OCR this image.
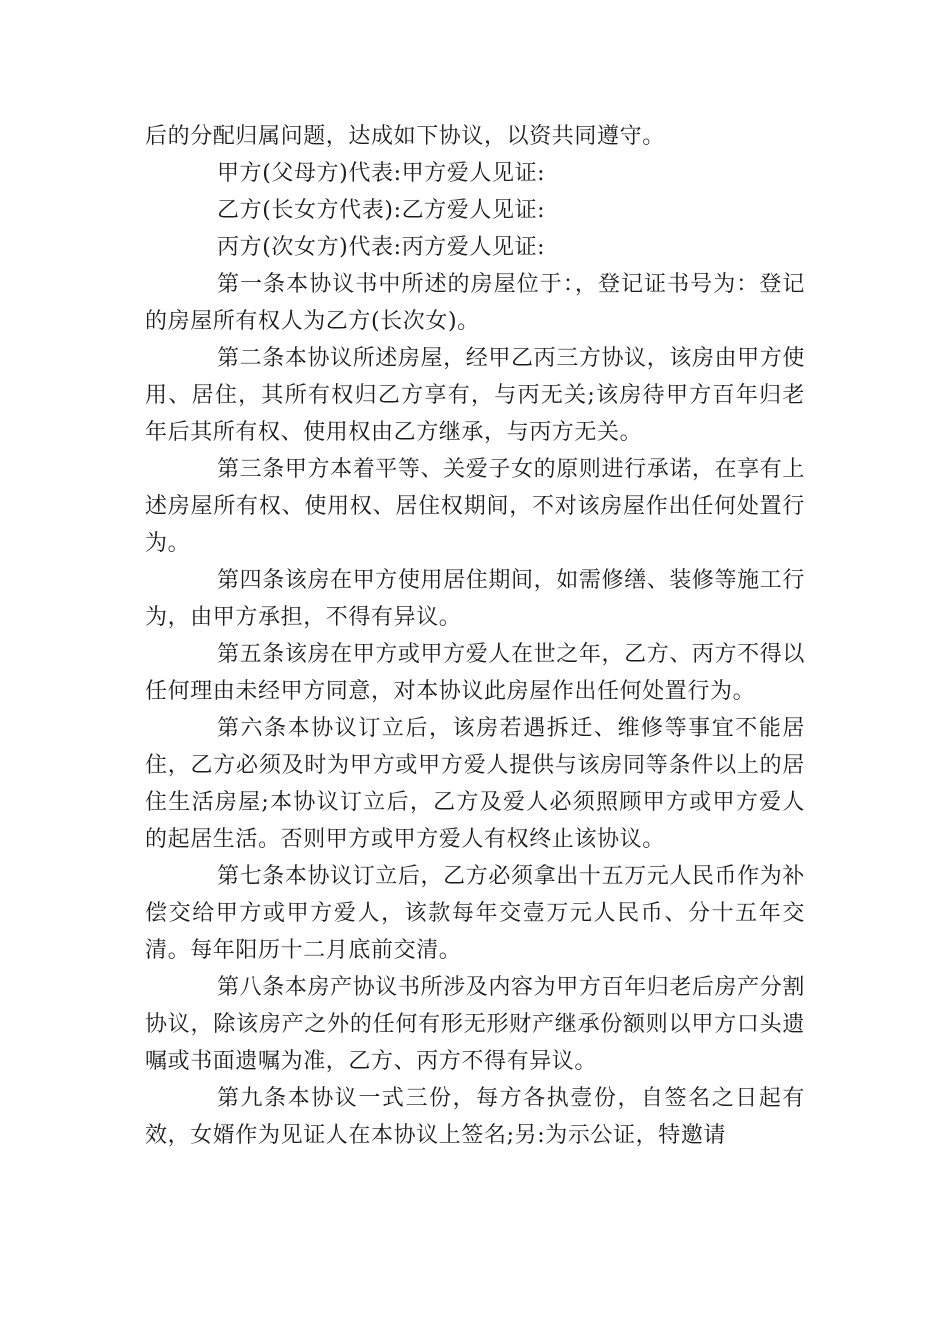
后的分配归属问题，达成如下协议，以资共同遵守。

甲方(父母方)代表:甲方爱人见证:

乙方(长女方代表):乙方爱人见证:

丙方(次女方)代表:丙方爱人见证:

第一条本协议书中所述的房屋位于：，登记证书号为：登记的房屋所有权人为乙方(长次女)。

第二条本协议所述房屋，经甲乙丙三方协议，该房由甲方使用、居住，其所有权归乙方享有，与丙无关;该房待甲方百年归老年后其所有权、使用权由乙方继承，与丙方无关。

第三条甲方本着平等、关爱子女的原则进行承诺，在享有上述房屋所有权、使用权、居住权期间，不对该房屋作出任何处置行为。

第四条该房在甲方使用居住期间，如需修缮、装修等施工行为，由甲方承担，不得有异议。

第五条该房在甲方或甲方爱人在世之年，乙方、丙方不得以任何理由未经甲方同意，对本协议此房屋作出任何处置行为。

第六条本协议订立后，该房若遇拆迁、维修等事宜不能居住，乙方必须及时为甲方或甲方爱人提供与该房同等条件以上的居住生活房屋;本协议订立后，乙方及爱人必须照顾甲方或甲方爱人的起居生活。否则甲方或甲方爱人有权终止该协议。

第七条本协议订立后，乙方必须拿出十五万元人民币作为补偿交给甲方或甲方爱人，该款每年交壹万元人民币、分十五年交清。每年阳历十二月底前交清。

第八条本房产协议书所涉及内容为甲方百年归老后房产分割协议，除该房产之外的任何有形无形财产继承份额则以甲方口头遗嘱或书面遗嘱为准，乙方、丙方不得有异议。

第九条本协议一式三份，每方各执壹份，自签名之日起有效，女婿作为见证人在本协议上签名;另:为示公证，特邀请
